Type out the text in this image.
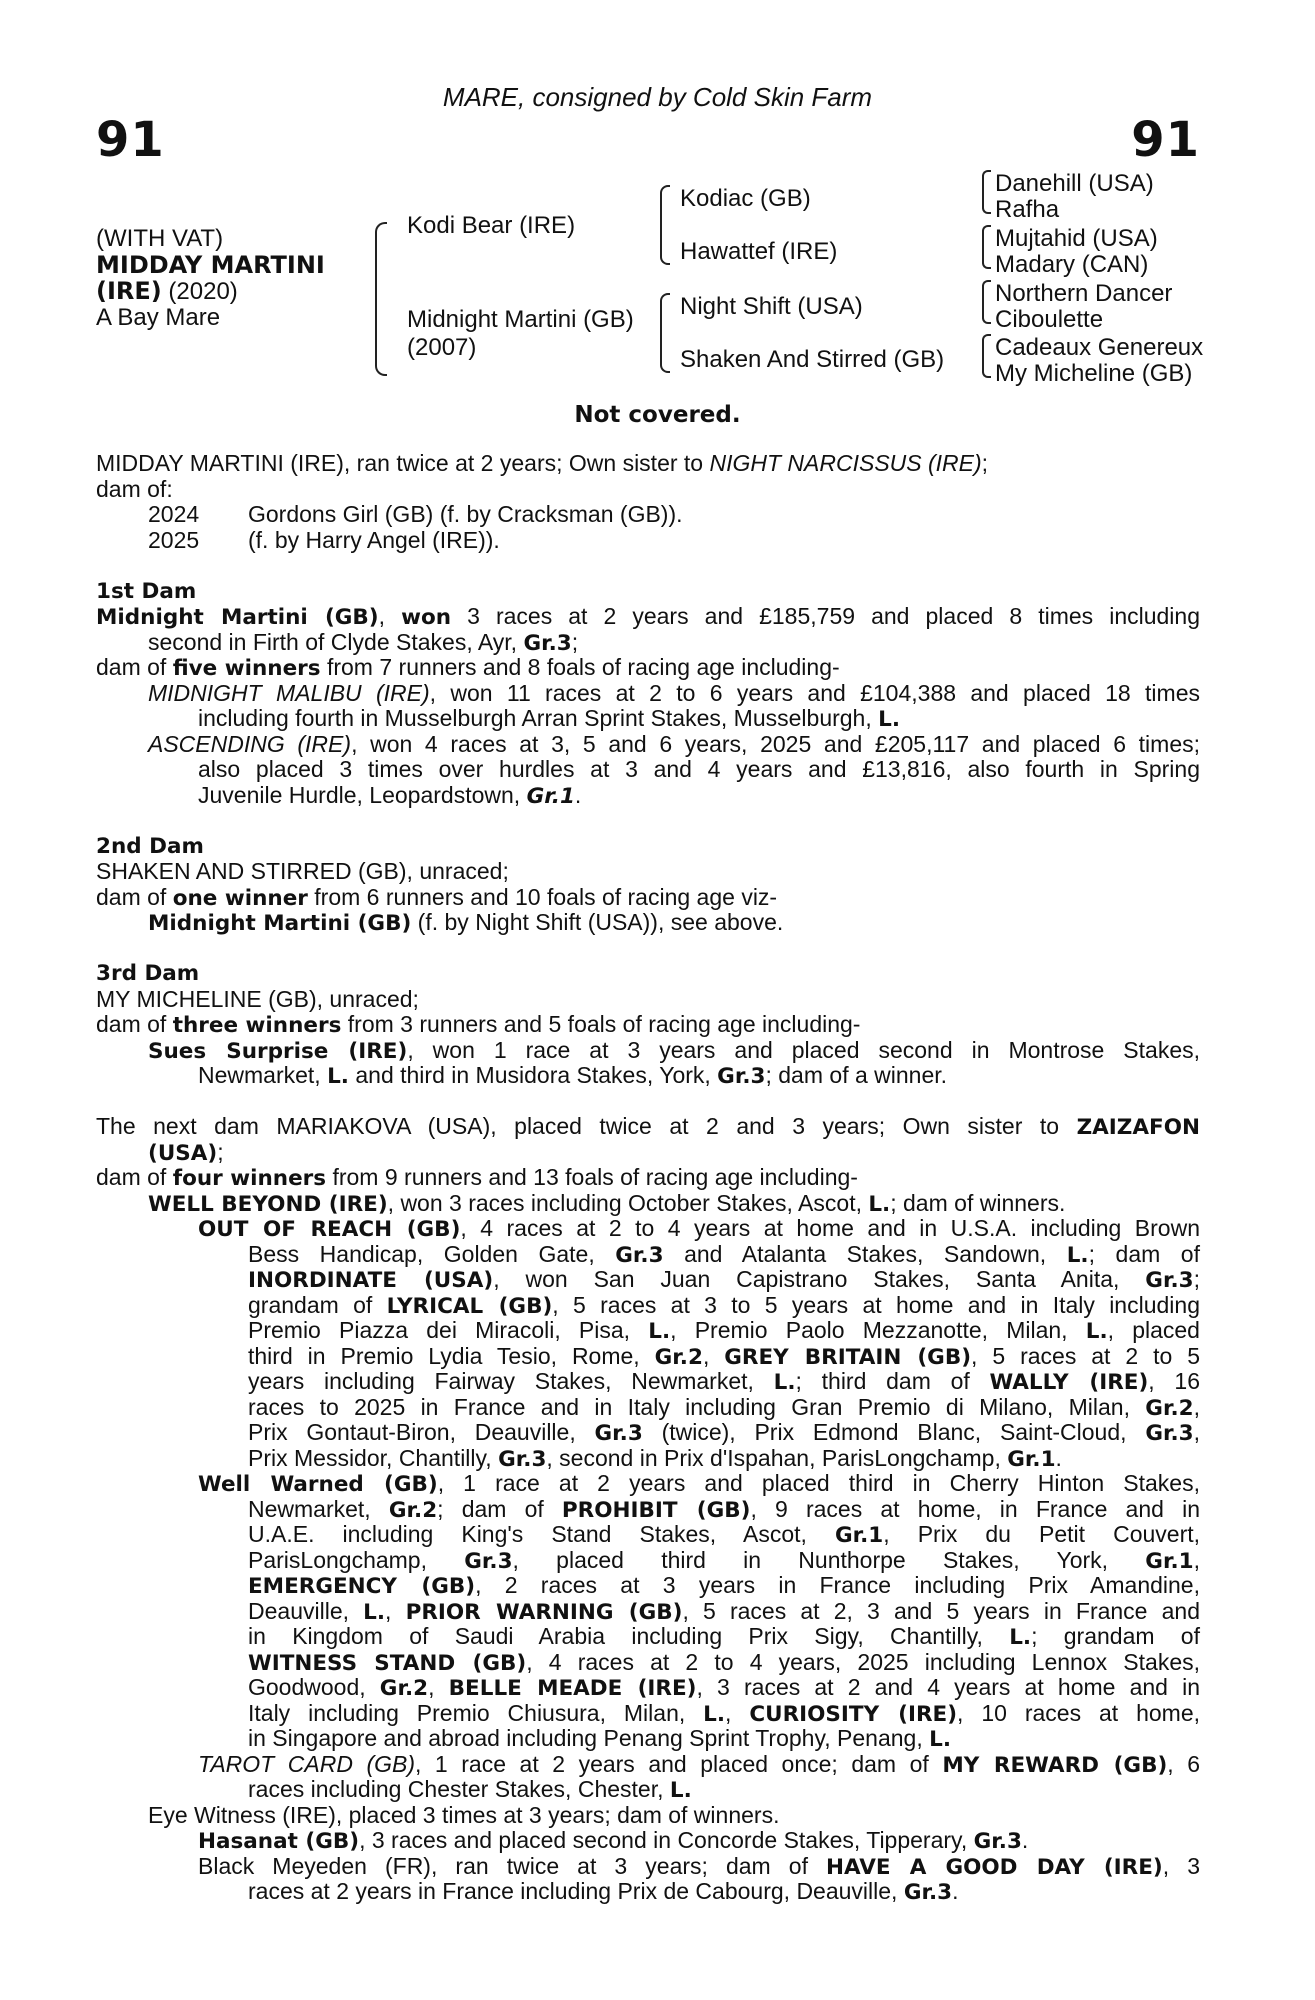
91	91
MARE, consigned by Cold Skin Farm
(WITH VAT)
MIDDAY MARTINI
(IRE) (2020)
A Bay Mare
Kodi Bear (IRE)
Midnight Martini (GB)
(2007)
Kodiac (GB)
Hawattef (IRE)
Night Shift (USA)
Shaken And Stirred (GB)
Danehill (USA)
Rafha
Mujtahid (USA)
Madary (CAN)
Northern Dancer
Ciboulette
Cadeaux Genereux
My Micheline (GB)
Not covered.
MIDDAY MARTINI (IRE), ran twice at 2 years; Own sister to NIGHT NARCISSUS (IRE);
dam of:
2024	Gordons Girl (GB) (f. by Cracksman (GB)).
2025	(f. by Harry Angel (IRE)).
1st Dam
Midnight Martini (GB), won 3 races at 2 years and £185,759 and placed 8 times including
second in Firth of Clyde Stakes, Ayr, Gr.3;
dam of five winners from 7 runners and 8 foals of racing age including-
MIDNIGHT MALIBU (IRE), won 11 races at 2 to 6 years and £104,388 and placed 18 times
including fourth in Musselburgh Arran Sprint Stakes, Musselburgh, L.
ASCENDING (IRE), won 4 races at 3, 5 and 6 years, 2025 and £205,117 and placed 6 times;
also placed 3 times over hurdles at 3 and 4 years and £13,816, also fourth in Spring
Juvenile Hurdle, Leopardstown, Gr.1.
2nd Dam
SHAKEN AND STIRRED (GB), unraced;
dam of one winner from 6 runners and 10 foals of racing age viz-
Midnight Martini (GB) (f. by Night Shift (USA)), see above.
3rd Dam
MY MICHELINE (GB), unraced;
dam of three winners from 3 runners and 5 foals of racing age including-
Sues Surprise (IRE), won 1 race at 3 years and placed second in Montrose Stakes,
Newmarket, L. and third in Musidora Stakes, York, Gr.3; dam of a winner.
The next dam MARIAKOVA (USA), placed twice at 2 and 3 years; Own sister to ZAIZAFON
(USA);
dam of four winners from 9 runners and 13 foals of racing age including-
WELL BEYOND (IRE), won 3 races including October Stakes, Ascot, L.; dam of winners.
OUT OF REACH (GB), 4 races at 2 to 4 years at home and in U.S.A. including Brown
Bess Handicap, Golden Gate, Gr.3 and Atalanta Stakes, Sandown, L.; dam of
INORDINATE (USA), won San Juan Capistrano Stakes, Santa Anita, Gr.3;
grandam of LYRICAL (GB), 5 races at 3 to 5 years at home and in Italy including
Premio Piazza dei Miracoli, Pisa, L., Premio Paolo Mezzanotte, Milan, L., placed
third in Premio Lydia Tesio, Rome, Gr.2, GREY BRITAIN (GB), 5 races at 2 to 5
years including Fairway Stakes, Newmarket, L.; third dam of WALLY (IRE), 16
races to 2025 in France and in Italy including Gran Premio di Milano, Milan, Gr.2,
Prix Gontaut-Biron, Deauville, Gr.3 (twice), Prix Edmond Blanc, Saint-Cloud, Gr.3,
Prix Messidor, Chantilly, Gr.3, second in Prix d'Ispahan, ParisLongchamp, Gr.1.
Well Warned (GB), 1 race at 2 years and placed third in Cherry Hinton Stakes,
Newmarket, Gr.2; dam of PROHIBIT (GB), 9 races at home, in France and in
U.A.E. including King's Stand Stakes, Ascot, Gr.1, Prix du Petit Couvert,
ParisLongchamp, Gr.3, placed third in Nunthorpe Stakes, York, Gr.1,
EMERGENCY (GB), 2 races at 3 years in France including Prix Amandine,
Deauville, L., PRIOR WARNING (GB), 5 races at 2, 3 and 5 years in France and
in Kingdom of Saudi Arabia including Prix Sigy, Chantilly, L.; grandam of
WITNESS STAND (GB), 4 races at 2 to 4 years, 2025 including Lennox Stakes,
Goodwood, Gr.2, BELLE MEADE (IRE), 3 races at 2 and 4 years at home and in
Italy including Premio Chiusura, Milan, L., CURIOSITY (IRE), 10 races at home,
in Singapore and abroad including Penang Sprint Trophy, Penang, L.
TAROT CARD (GB), 1 race at 2 years and placed once; dam of MY REWARD (GB), 6
races including Chester Stakes, Chester, L.
Eye Witness (IRE), placed 3 times at 3 years; dam of winners.
Hasanat (GB), 3 races and placed second in Concorde Stakes, Tipperary, Gr.3.
Black Meyeden (FR), ran twice at 3 years; dam of HAVE A GOOD DAY (IRE), 3
races at 2 years in France including Prix de Cabourg, Deauville, Gr.3.
